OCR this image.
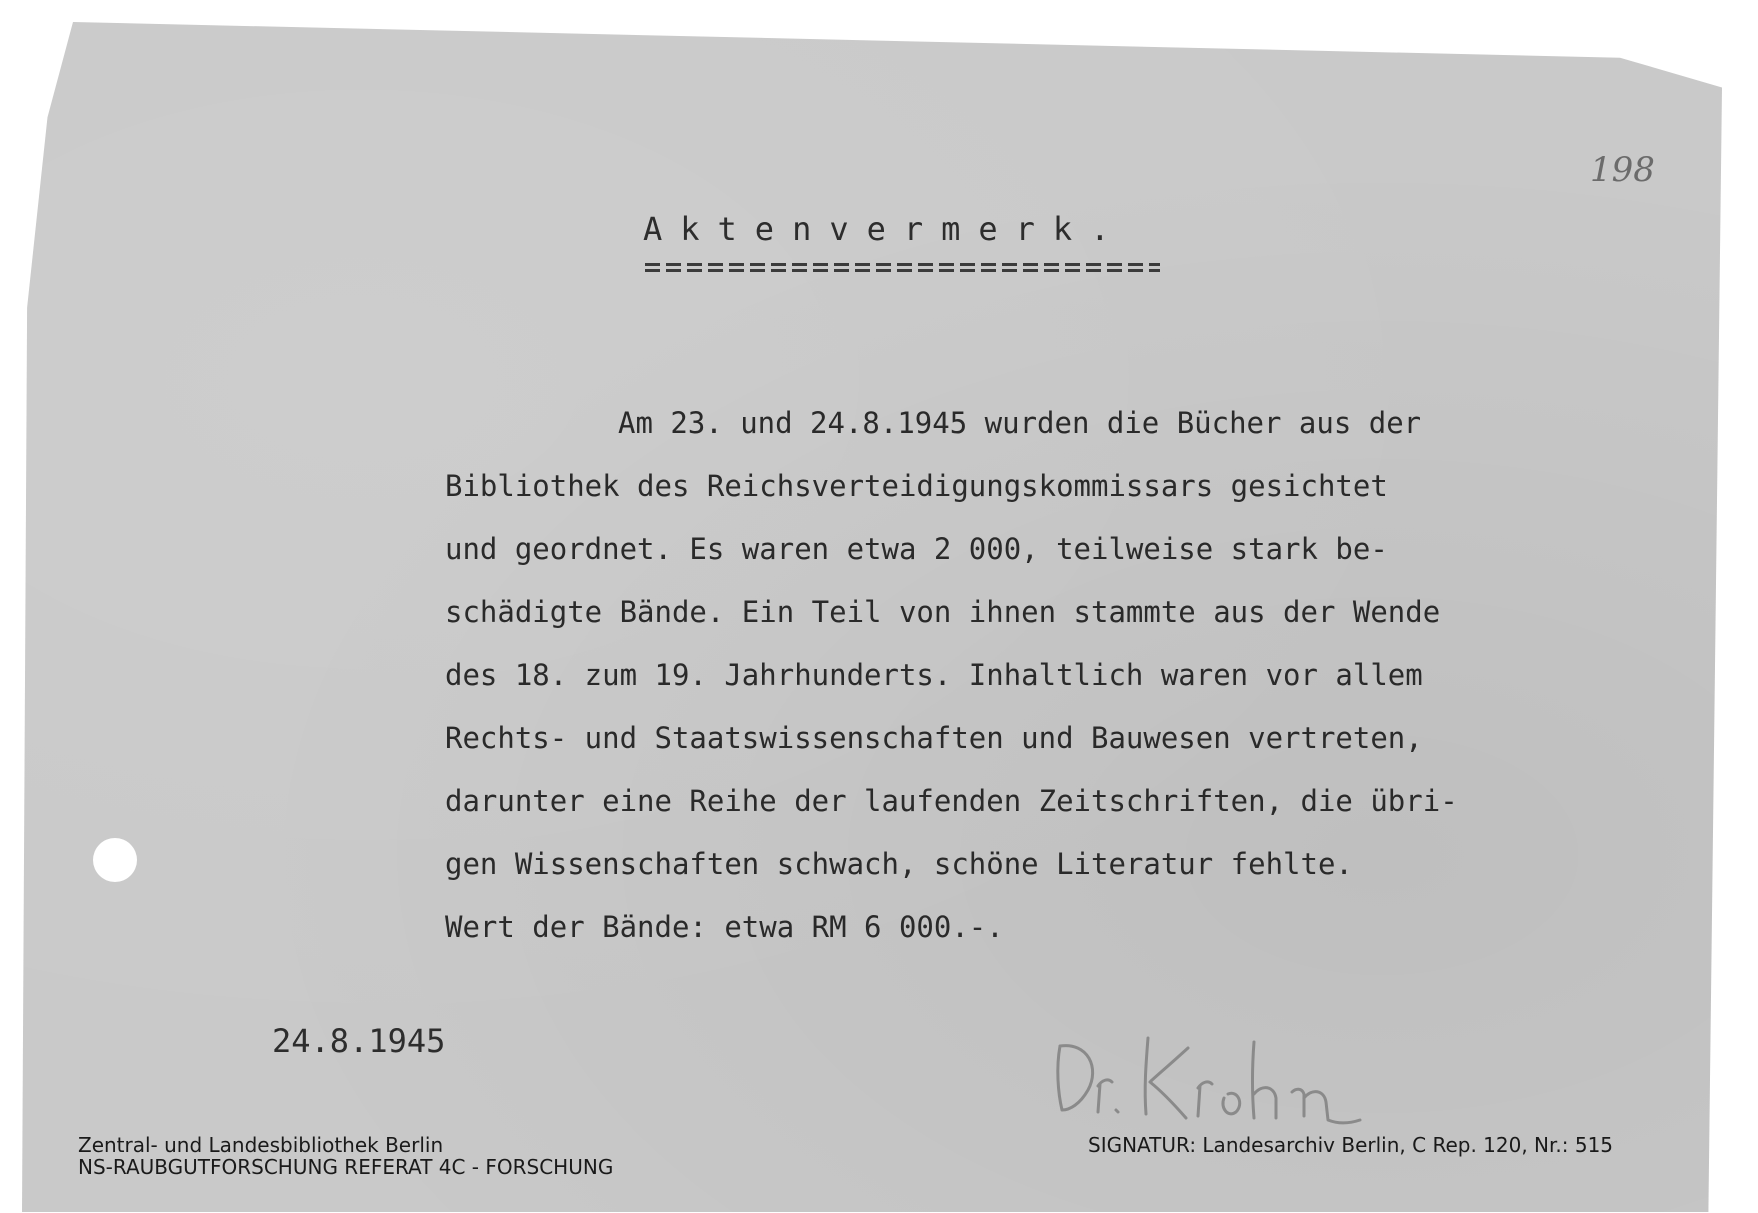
198
Aktenvermerk.
Am 23. und 24.8.1945 wurden die Bücher aus der
Bibliothek des Reichsverteidigungskommissars gesichtet
und geordnet. Es waren etwa 2 000, teilweise stark be-
schädigte Bände. Ein Teil von ihnen stammte aus der Wende
des 18. zum 19. Jahrhunderts. Inhaltlich waren vor allem
Rechts- und Staatswissenschaften und Bauwesen vertreten,
darunter eine Reihe der laufenden Zeitschriften, die übri-
gen Wissenschaften schwach, schöne Literatur fehlte.
Wert der Bände: etwa RM 6 000.-.
24.8.1945
Zentral- und Landesbibliothek Berlin
NS-RAUBGUTFORSCHUNG REFERAT 4C - FORSCHUNG
SIGNATUR: Landesarchiv Berlin, C Rep. 120, Nr.: 515
